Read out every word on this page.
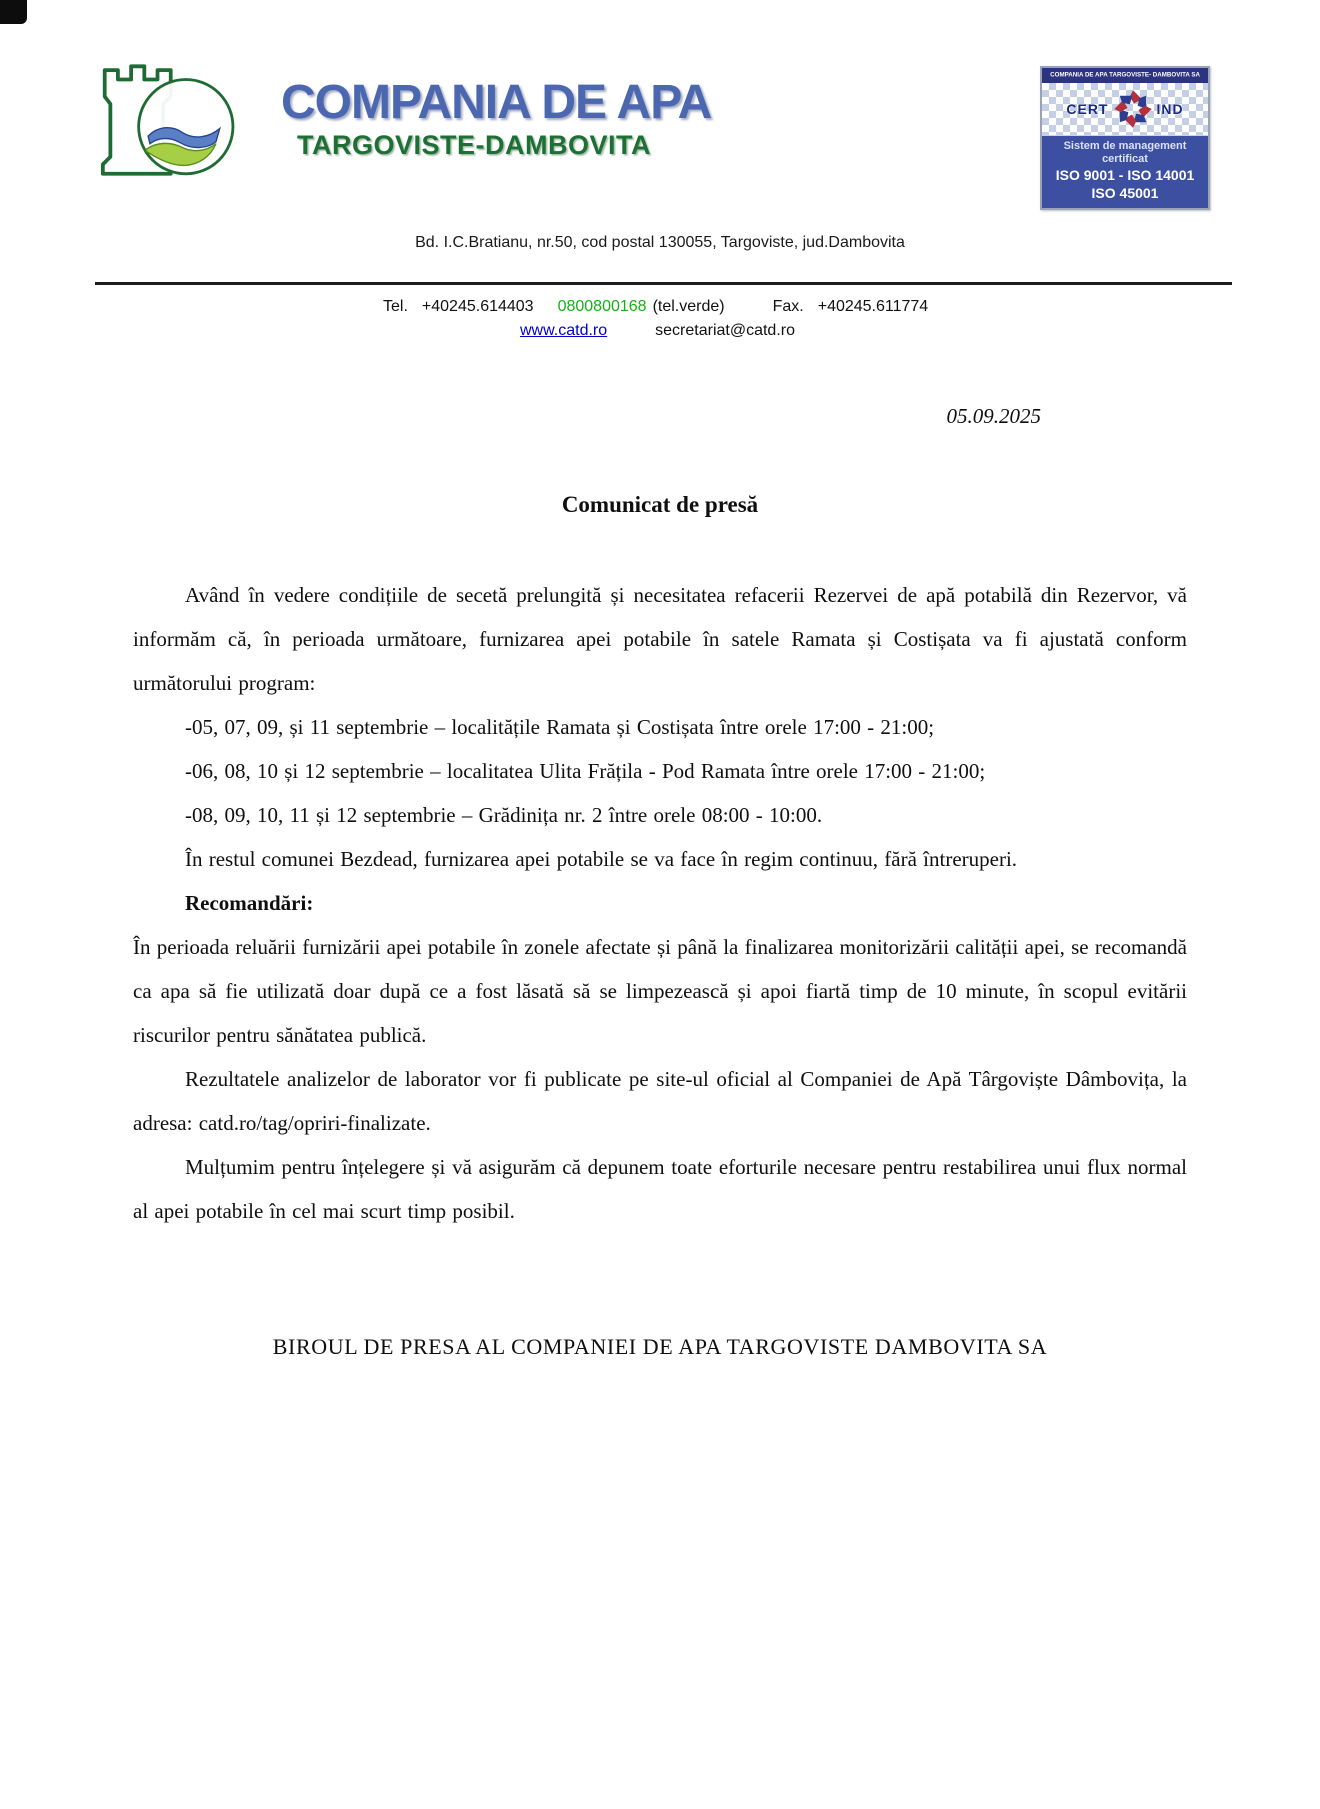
COMPANIA DE APA
TARGOVISTE-DAMBOVITA
COMPANIA DE APA TARGOVISTE- DAMBOVITA SA
CERT	IND
Sistem de management
certificat
ISO 9001 - ISO 14001
ISO 45001
Bd. I.C.Bratianu, nr.50, cod postal 130055, Targoviste, jud.Dambovita
Tel. +40245.614403 0800800168 (tel.verde)	Fax. +40245.611774
www.catd.ro	secretariat@catd.ro
05.09.2025
Comunicat de presă

Având în vedere condițiile de secetă prelungită și necesitatea refacerii Rezervei de apă potabilă din Rezervor, vă informăm că, în perioada următoare, furnizarea apei potabile în satele Ramata și Costișata va fi ajustată conform următorului program:

-05, 07, 09, și 11 septembrie – localitățile Ramata și Costișata între orele 17:00 - 21:00;

-06, 08, 10 și 12 septembrie – localitatea Ulita Frățila - Pod Ramata între orele 17:00 - 21:00;

-08, 09, 10, 11 și 12 septembrie – Grădinița nr. 2 între orele 08:00 - 10:00.

În restul comunei Bezdead, furnizarea apei potabile se va face în regim continuu, fără întreruperi.

Recomandări:

În perioada reluării furnizării apei potabile în zonele afectate și până la finalizarea monitorizării calității apei, se recomandă ca apa să fie utilizată doar după ce a fost lăsată să se limpezească și apoi fiartă timp de 10 minute, în scopul evitării riscurilor pentru sănătatea publică.

Rezultatele analizelor de laborator vor fi publicate pe site-ul oficial al Companiei de Apă Târgoviște Dâmbovița, la adresa: catd.ro/tag/opriri-finalizate.

Mulțumim pentru înțelegere și vă asigurăm că depunem toate eforturile necesare pentru restabilirea unui flux normal al apei potabile în cel mai scurt timp posibil.

BIROUL DE PRESA AL COMPANIEI DE APA TARGOVISTE DAMBOVITA SA
